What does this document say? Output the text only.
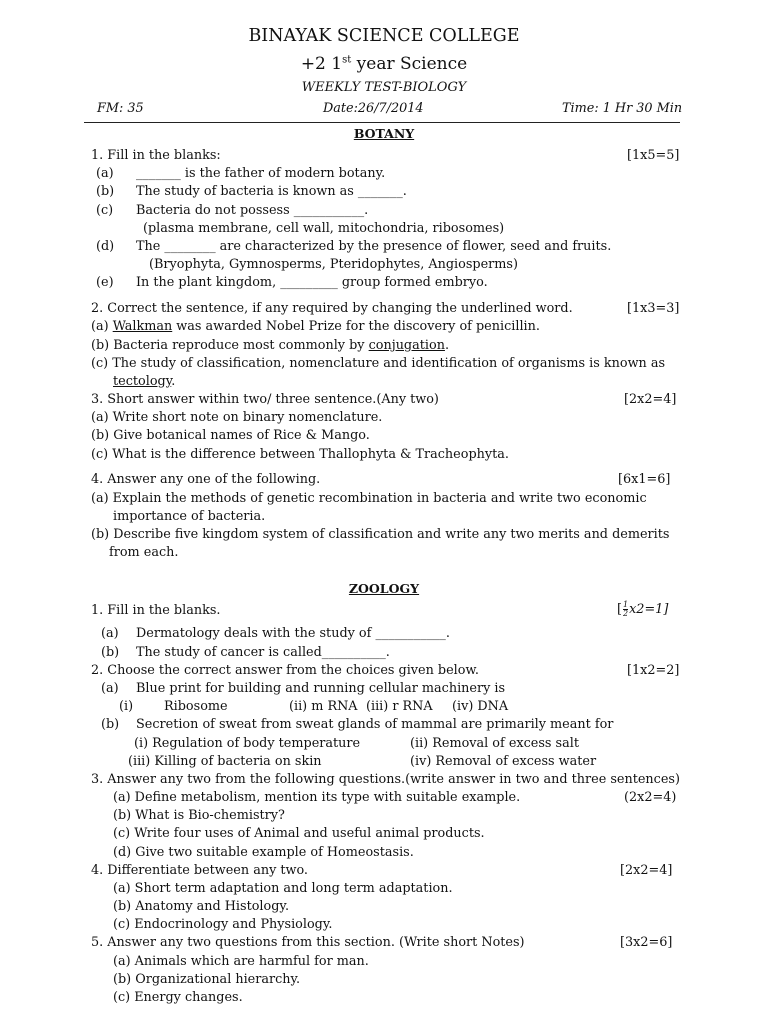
BINAYAK SCIENCE COLLEGE
+2 1st year Science
WEEKLY TEST-BIOLOGY
FM: 35	Date:26/7/2014	Time: 1 Hr 30 Min
BOTANY
1. Fill in the blanks:	[1x5=5]
(a) _______ is the father of modern botany.
(b) The study of bacteria is known as _______.
(c) Bacteria do not possess ___________.
(plasma membrane, cell wall, mitochondria, ribosomes)
(d) The ________ are characterized by the presence of flower, seed and fruits.
(Bryophyta, Gymnosperms, Pteridophytes, Angiosperms)
(e) In the plant kingdom, _________ group formed embryo.
2. Correct the sentence, if any required by changing the underlined word.	[1x3=3]
(a) Walkman was awarded Nobel Prize for the discovery of penicillin.
(b) Bacteria reproduce most commonly by conjugation.
(c) The study of classification, nomenclature and identification of organisms is known as
tectology.
3. Short answer within two/ three sentence.(Any two)	[2x2=4]
(a) Write short note on binary nomenclature.
(b) Give botanical names of Rice & Mango.
(c) What is the difference between Thallophyta & Tracheophyta.
4. Answer any one of the following.	[6x1=6]
(a) Explain the methods of genetic recombination in bacteria and write two economic
importance of bacteria.
(b) Describe five kingdom system of classification and write any two merits and demerits
from each.
ZOOLOGY
1. Fill in the blanks.	[ $\frac{1}{2} x2=1$]
(a) Dermatology deals with the study of ___________.
(b) The study of cancer is called__________.
2. Choose the correct answer from the choices given below.	[1x2=2]
(a) Blue print for building and running cellular machinery is
(i) Ribosome	(ii) m RNA (iii) r RNA (iv) DNA
(b) Secretion of sweat from sweat glands of mammal are primarily meant for
(i) Regulation of body temperature	(ii) Removal of excess salt
(iii) Killing of bacteria on skin	(iv) Removal of excess water
3. Answer any two from the following questions.(write answer in two and three sentences)
(2x2=4)
(a) Define metabolism, mention its type with suitable example.
(b) What is Bio-chemistry?
(c) Write four uses of Animal and useful animal products.
(d) Give two suitable example of Homeostasis.
4. Differentiate between any two.	[2x2=4]
(a) Short term adaptation and long term adaptation.
(b) Anatomy and Histology.
(c) Endocrinology and Physiology.
5. Answer any two questions from this section. (Write short Notes)	[3x2=6]
(a) Animals which are harmful for man.
(b) Organizational hierarchy.
(c) Energy changes.
